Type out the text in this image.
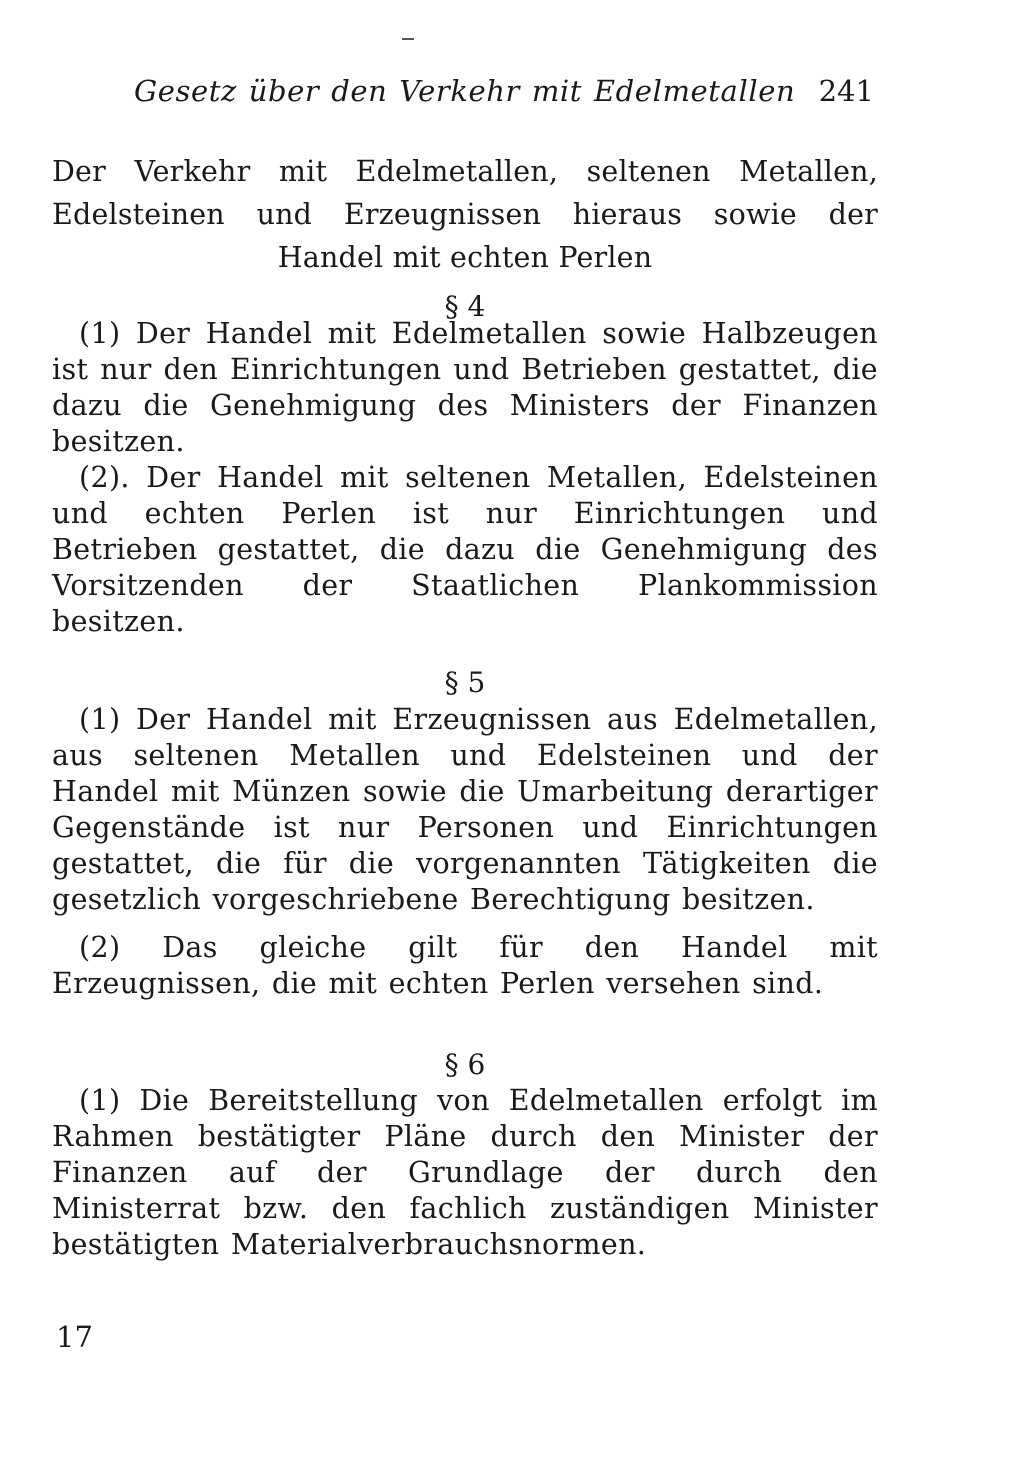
Gesetz über den Verkehr mit Edelmetallen 241
Der Verkehr mit Edelmetallen, seltenen Metallen, Edelsteinen und Erzeugnissen hieraus sowie der Handel mit echten Perlen
§ 4

(1) Der Handel mit Edelmetallen sowie Halbzeugen ist nur den Einrichtungen und Betrieben gestattet, die dazu die Genehmigung des Ministers der Finanzen besitzen.

(2). Der Handel mit seltenen Metallen, Edelsteinen und echten Perlen ist nur Einrichtungen und Betrieben gestattet, die dazu die Genehmigung des Vorsitzenden der Staatlichen Plankommission besitzen.

§ 5

(1) Der Handel mit Erzeugnissen aus Edelmetallen, aus seltenen Metallen und Edelsteinen und der Handel mit Münzen sowie die Umarbeitung derartiger Gegenstände ist nur Personen und Einrichtungen gestattet, die für die vorgenannten Tätigkeiten die gesetzlich vorgeschriebene Berechtigung besitzen.

(2) Das gleiche gilt für den Handel mit Erzeugnissen, die mit echten Perlen versehen sind.

§ 6

(1) Die Bereitstellung von Edelmetallen erfolgt im Rahmen bestätigter Pläne durch den Minister der Finanzen auf der Grundlage der durch den Ministerrat bzw. den fachlich zuständigen Minister bestätigten Materialverbrauchsnormen.

17
